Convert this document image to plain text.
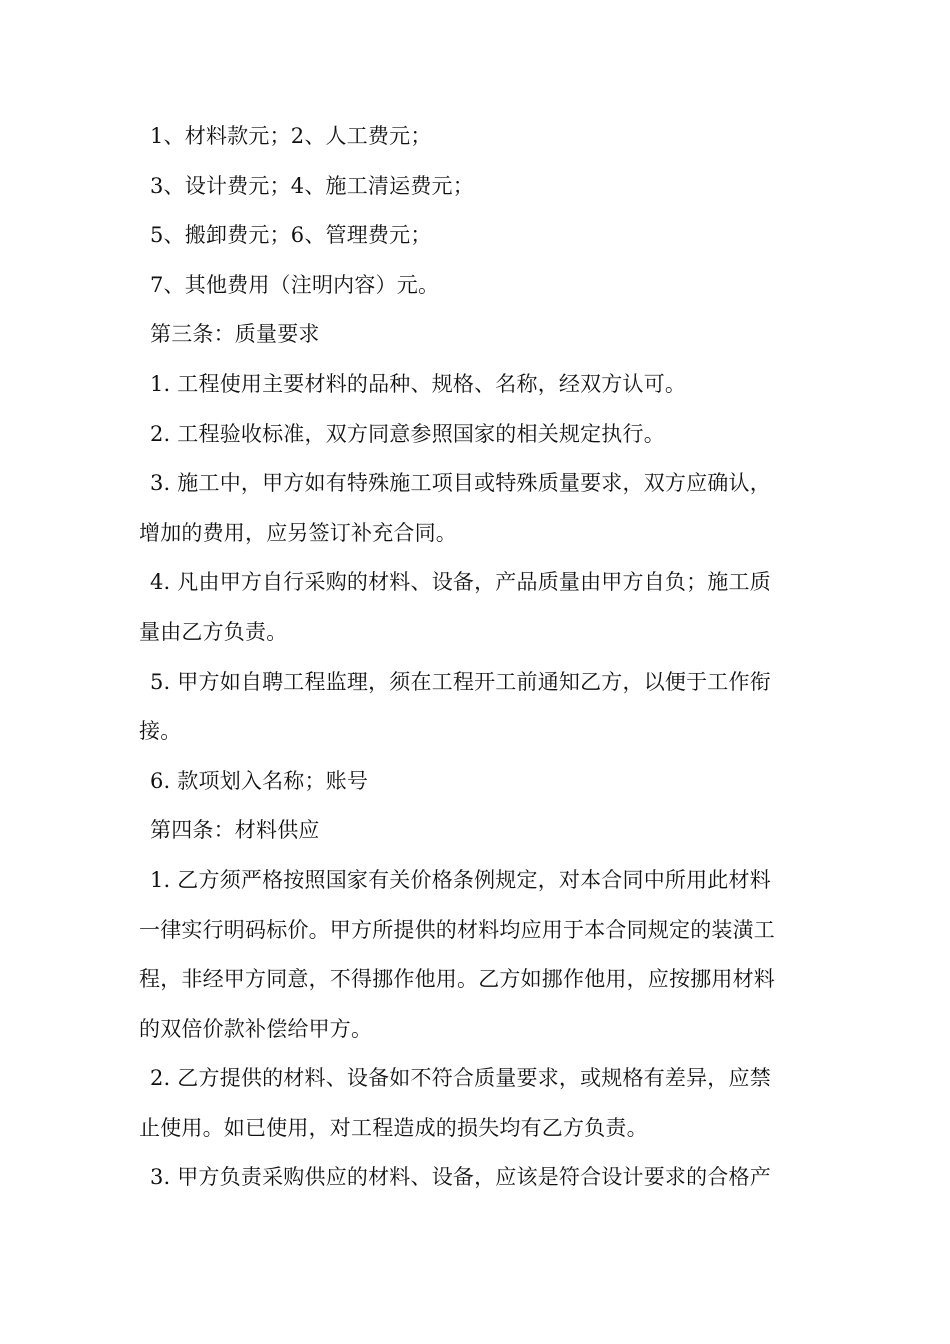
1、材料款元；2、人工费元；
3、设计费元；4、施工清运费元；
5、搬卸费元；6、管理费元；
7、其他费用（注明内容）元。
第三条：质量要求
1. 工程使用主要材料的品种、规格、名称，经双方认可。
2. 工程验收标准，双方同意参照国家的相关规定执行。
3. 施工中，甲方如有特殊施工项目或特殊质量要求，双方应确认，
增加的费用，应另签订补充合同。
4. 凡由甲方自行采购的材料、设备，产品质量由甲方自负；施工质
量由乙方负责。
5. 甲方如自聘工程监理，须在工程开工前通知乙方，以便于工作衔
接。
6. 款项划入名称；账号
第四条：材料供应
1. 乙方须严格按照国家有关价格条例规定，对本合同中所用此材料
一律实行明码标价。甲方所提供的材料均应用于本合同规定的装潢工
程，非经甲方同意，不得挪作他用。乙方如挪作他用，应按挪用材料
的双倍价款补偿给甲方。
2. 乙方提供的材料、设备如不符合质量要求，或规格有差异，应禁
止使用。如已使用，对工程造成的损失均有乙方负责。
3. 甲方负责采购供应的材料、设备，应该是符合设计要求的合格产
